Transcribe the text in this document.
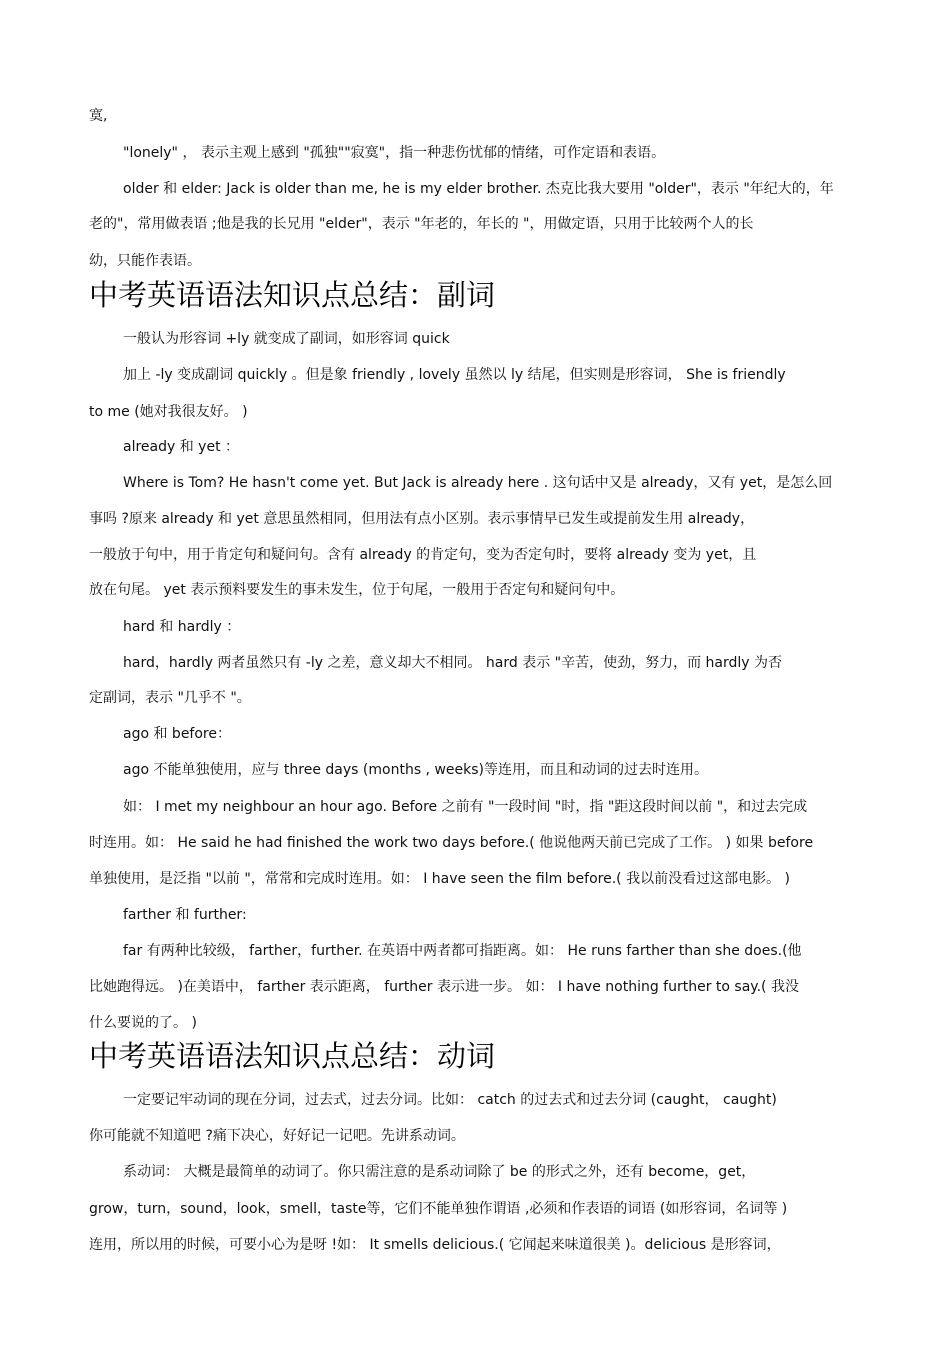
寞,
"lonely" ， 表示主观上感到 "孤独""寂寞"，指一种悲伤忧郁的情绪，可作定语和表语。
older 和 elder: Jack is older than me, he is my elder brother. 杰克比我大要用 "older"，表示 "年纪大的，年
老的"，常用做表语 ;他是我的长兄用 "elder"，表示 "年老的，年长的 "，用做定语，只用于比较两个人的长
幼，只能作表语。
中考英语语法知识点总结：副词
一般认为形容词 +ly 就变成了副词，如形容词 quick
加上 -ly 变成副词 quickly 。但是象 friendly , lovely 虽然以 ly 结尾，但实则是形容词， She is friendly
to me (她对我很友好。 )
already 和 yet ：
Where is Tom? He hasn't come yet. But Jack is already here . 这句话中又是 already，又有 yet，是怎么回
事吗 ?原来 already 和 yet 意思虽然相同，但用法有点小区别。表示事情早已发生或提前发生用 already，
一般放于句中，用于肯定句和疑问句。含有 already 的肯定句，变为否定句时，要将 already 变为 yet，且
放在句尾。 yet 表示预料要发生的事未发生，位于句尾，一般用于否定句和疑问句中。
hard 和 hardly ：
hard，hardly 两者虽然只有 -ly 之差，意义却大不相同。 hard 表示 "辛苦，使劲，努力，而 hardly 为否
定副词，表示 "几乎不 "。
ago 和 before：
ago 不能单独使用，应与 three days (months , weeks)等连用，而且和动词的过去时连用。
如： I met my neighbour an hour ago. Before 之前有 "一段时间 "时，指 "距这段时间以前 "，和过去完成
时连用。如： He said he had finished the work two days before.( 他说他两天前已完成了工作。 ) 如果 before
单独使用，是泛指 "以前 "，常常和完成时连用。如： I have seen the film before.( 我以前没看过这部电影。 )
farther 和 further:
far 有两种比较级， farther，further. 在英语中两者都可指距离。如： He runs farther than she does.(他
比她跑得远。 )在美语中， farther 表示距离， further 表示进一步。 如： I have nothing further to say.( 我没
什么要说的了。 )
中考英语语法知识点总结：动词
一定要记牢动词的现在分词，过去式，过去分词。比如： catch 的过去式和过去分词 (caught， caught)
你可能就不知道吧 ?痛下决心，好好记一记吧。先讲系动词。
系动词： 大概是最简单的动词了。你只需注意的是系动词除了 be 的形式之外，还有 become，get，
grow，turn，sound，look，smell，taste等，它们不能单独作谓语 ,必须和作表语的词语 (如形容词，名词等 )
连用，所以用的时候，可要小心为是呀 !如： It smells delicious.( 它闻起来味道很美 )。delicious 是形容词，
